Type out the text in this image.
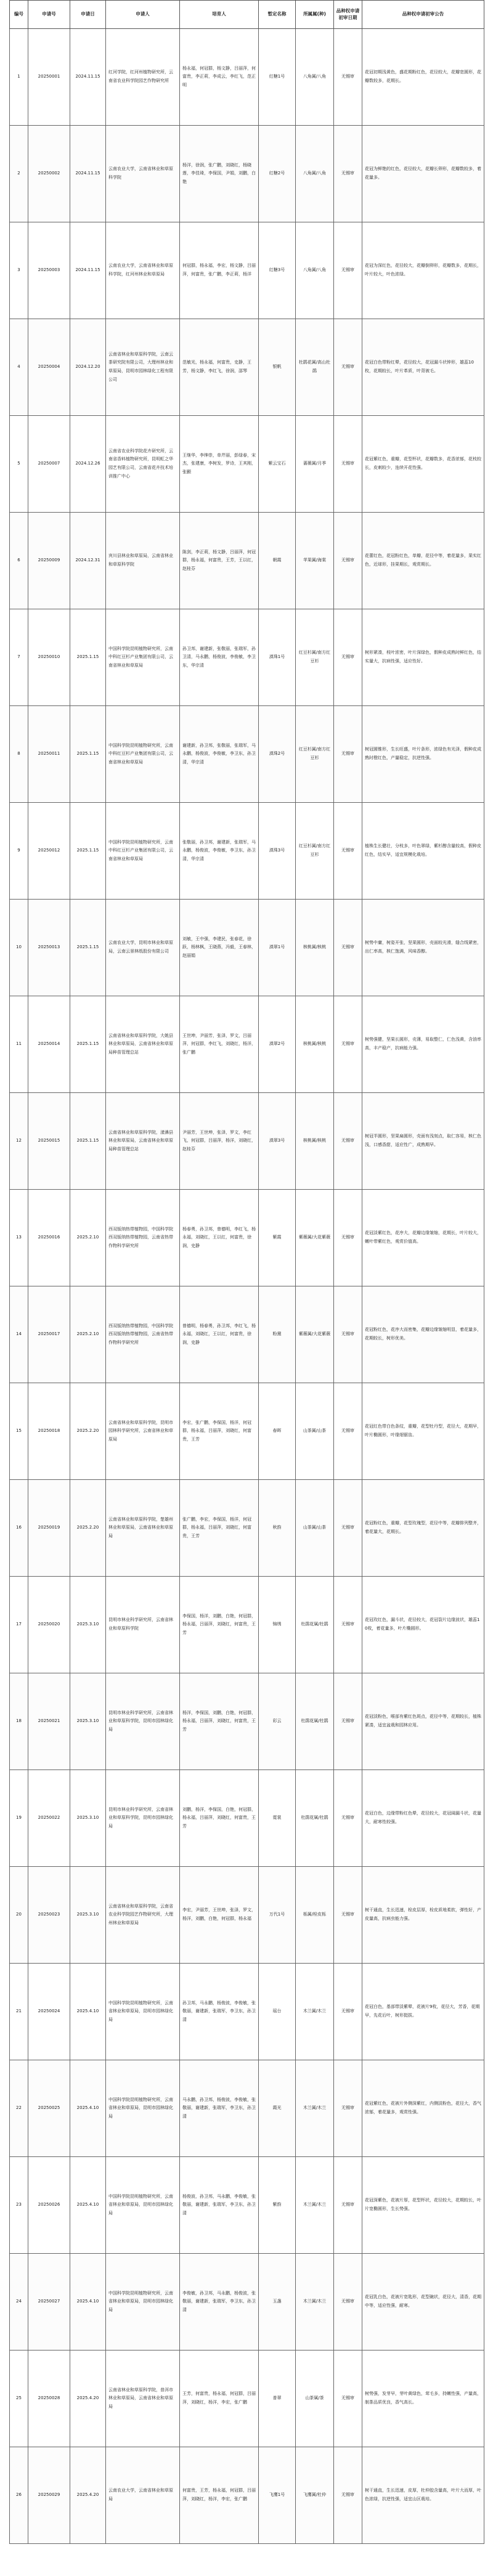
编号	申请号	申请日	申请人	培育人	暂定名称	所属属(种)	品种权申请初审日期	品种权申请初审公告
1	20250001	2024.11.15	红河学院，红河州植物研究所，云南省农业科学院园艺作物研究所	杨永福，何冠群，杨文静，吕丽萍，何富贵，李正莉，李成云，李红飞，范正明	红糖1号	八角属/八角	无锡审	花冠初期浅黄色，盛花期粉红色，花径较大，花瓣宽圆形，花瓣数较多，花期长。
2	20250002	2024.11.15	云南农业大学，云南省林业和草原科学院	杨洋，徐润，张广鹏，刘晓红，杨晓莲，李佳琦，李保国，尹娟，刘鹏，白艳	红糖2号	八角属/八角	无锡审	花冠为鲜艳的红色，花径较大，花瓣长卵形，花瓣数较多，着花量多。
3	20250003	2024.11.15	云南农业大学，云南省林业和草原科学院，红河州林业和草原局	何冠群，杨永福，李宏，杨文静，吕丽萍，何富贵，张广鹏，李正莉，杨洋	红糖3号	八角属/八角	无锡审	花冠为深红色，花径较大，花瓣倒卵形，花瓣数多，花期长，叶片较大，叶色浓绿。
4	20250004	2024.12.20	云南省林业和草原科学院，云南云茶研究院有限公司，大理州林业和草原局，昆明市园林绿化工程有限公司	范敏光，杨永福，何富贵，史静，王芳，杨文静，李红飞，徐润，邵琴	银帆	杜鹃花属/高山杜鹃	无锡审	花冠白色带粉红晕，花径较大，花冠漏斗状钟形，雄蕊10枚，花期较长，叶片革质，叶背被毛。
5	20250007	2024.12.26	云南省农业科学院花卉研究所，云南省香料植物研究所，昆明虹之华园艺有限公司，云南省花卉技术培训推广中心	王继华，李绅崇，单芹丽，彭绿春，宋杰，张建康，李树发，罗诗，王其刚，张颢	紫云宝石	蔷薇属/月季	无锡审	花冠紫红色，重瓣，花型杯状，花瓣数多，花香浓郁，花枝较长，皮刺较少，连续开花性强。
6	20250009	2024.12.31	宾川县林业和草原局，云南省林业和草原科学院	陈剑，李正莉，杨文静，吕丽萍，何冠群，杨永福，何富贵，王芳，王以红，赵桂芬	朝霞	苹果属/海棠	无锡审	花蕾红色，花冠粉红色，单瓣，花径中等，着花量多，果实红色，近球形，挂果期长，观赏期长。
7	20250010	2025.1.15	中国科学院昆明植物研究所，云南中科红豆杉产业集团有限公司，云南省林业和草原局	孙卫邦，谢建新，张敬丽，张瑞军，孙卫清，马永鹏，杨俊波，李俊敏，李卫东，华宗清	滇珠1号	红豆杉属/南方红豆杉	无锡审	树形紧凑，枝叶浓密，叶片深绿色，假种皮成熟时鲜红色，结实量大，抗病性强，适应性好。
8	20250011	2025.1.15	中国科学院昆明植物研究所，云南中科红豆杉产业集团有限公司，云南省林业和草原局	谢建新，孙卫邦，张敬丽，张瑞军，马永鹏，杨俊波，李俊敏，李卫东，孙卫清，华宗清	滇珠2号	红豆杉属/南方红豆杉	无锡审	树冠圆锥形，生长旺盛，叶片条形，浓绿色有光泽，假种皮成熟时橙红色，产量稳定，抗逆性强。
9	20250012	2025.1.15	中国科学院昆明植物研究所，云南中科红豆杉产业集团有限公司，云南省林业和草原局	张敬丽，孙卫邦，谢建新，张瑞军，马永鹏，杨俊波，李俊敏，李卫东，孙卫清，华宗清	滇珠3号	红豆杉属/南方红豆杉	无锡审	植株生长健壮，分枝多，叶色翠绿，紫杉醇含量较高，假种皮红色，结实早，适宜规模化栽培。
10	20250013	2025.1.15	云南农业大学，昆明市林业和草原局，云南云景林纸股份有限公司	刘敏，王中强，李建民，张春花，徐跃，杨林枫，王晓燕，冯毅，王春林，赵丽娟	滇翠1号	核桃属/核桃	无锡审	树势中庸，树姿开张，坚果圆形，壳面较光滑，缝合线紧密，出仁率高，核仁饱满，风味香醇。
11	20250014	2025.1.15	云南省林业和草原科学院，大姚县林业和草原局，云南省林业和草原局种苗管理总站	王世坤，尹丽芳，张泽，罗文，吕丽萍，何冠群，李红飞，刘晓红，杨洋，张广鹏	滇翠2号	核桃属/核桃	无锡审	树势强健，坚果长圆形，壳薄，易取整仁，仁色浅黄，含油率高，丰产稳产，抗病能力强。
12	20250015	2025.1.15	云南省林业和草原科学院，漾濞县林业和草原局，云南省林业和草原局种苗管理总站	尹丽芳，王世坤，张泽，罗文，李红飞，何冠群，吕丽萍，杨洋，刘晓红，赵桂芬	滇翠3号	核桃属/核桃	无锡审	树冠半圆形，坚果扁圆形，壳面有浅刻点，取仁容易，核仁色浅，口感香甜，适应性广，成熟期早。
13	20250016	2025.2.10	西双版纳热带植物园，中国科学院西双版纳热带植物园，云南省热带作物科学研究所	杨春勇，孙卫邦，曾德明，李红飞，杨永福，刘晓红，王以红，何富贵，徐润，史静	紫霞	紫薇属/大花紫薇	无锡审	花冠淡紫红色，花序大，花瓣边缘皱缩，花期长，叶片较大，嫩叶带紫红色，观赏价值高。
14	20250017	2025.2.10	西双版纳热带植物园，中国科学院西双版纳热带植物园，云南省热带作物科学研究所	曾德明，杨春勇，孙卫邦，李红飞，杨永福，刘晓红，王以红，何富贵，徐润，史静	粉黛	紫薇属/大花紫薇	无锡审	花冠粉红色，花序大而密集，花瓣边缘皱缩明显，着花量多，花期较长，树形优美。
15	20250018	2025.2.20	云南省林业和草原科学院，昆明市园林科学研究所，云南省林业和草原局	李宏，张广鹏，李保国，杨洋，何冠群，杨永福，吕丽萍，刘晓红，何富贵，王芳	春晖	山茶属/山茶	无锡审	花冠红色带白色条纹，重瓣，花型牡丹型，花径大，花期早，叶片椭圆形，叶缘细锯齿。
16	20250019	2025.2.20	云南省林业和草原科学院，楚雄州林业和草原局，云南省林业和草原局	张广鹏，李宏，李保国，杨洋，何冠群，杨永福，吕丽萍，刘晓红，何富贵，王芳	秋韵	山茶属/山茶	无锡审	花冠粉红色，重瓣，花型玫瑰型，花径中等，花瓣排列整齐，着花量大，花期长。
17	20250020	2025.3.10	昆明市林业科学研究所，云南省林业和草原科学院	李保国，杨洋，刘鹏，白艳，何冠群，杨永福，吕丽萍，刘晓红，何富贵，王芳	锦绣	杜鹃花属/杜鹃	无锡审	花冠玫红色，漏斗状，花径较大，花冠裂片边缘波状，雄蕊10枚，着花量多，叶片椭圆形。
18	20250021	2025.3.10	昆明市林业科学研究所，云南省林业和草原科学院，昆明市园林绿化局	杨洋，李保国，刘鹏，白艳，何冠群，杨永福，吕丽萍，刘晓红，何富贵，王芳	彩云	杜鹃花属/杜鹃	无锡审	花冠淡粉色，喉部有紫红色斑点，花径中等，花期较长，植株紧凑，适宜盆栽和园林应用。
19	20250022	2025.3.10	昆明市林业科学研究所，云南省林业和草原科学院，昆明市园林绿化局	刘鹏，杨洋，李保国，白艳，何冠群，杨永福，吕丽萍，刘晓红，何富贵，王芳	霓裳	杜鹃花属/杜鹃	无锡审	花冠白色，边缘带粉红色晕，花径较大，花冠阔漏斗状，花量大，耐寒性较强。
20	20250023	2025.3.10	云南省林业和草原科学院，云南省农业科学院园艺作物研究所，大理州林业和草原局	李宏，尹丽芳，王世坤，张泽，罗文，杨洋，刘鹏，白艳，何冠群，杨永福	万代1号	栎属/栓皮栎	无锡审	树干通直，生长迅速，栓皮层厚，栓皮质地柔软，弹性好，产皮量高，抗病虫能力强。
21	20250024	2025.4.10	中国科学院昆明植物研究所，云南省林业和草原局，昆明市园林绿化局	孙卫邦，马永鹏，杨俊波，李俊敏，张敬丽，谢建新，张瑞军，李卫东，孙卫清	瑶台	木兰属/木兰	无锡审	花冠白色，基部带淡紫晕，花被片9枚，花径大，芳香，花期早，先花后叶，树形挺拔。
22	20250025	2025.4.10	中国科学院昆明植物研究所，云南省林业和草原局，昆明市园林绿化局	马永鹏，孙卫邦，杨俊波，李俊敏，张敬丽，谢建新，张瑞军，李卫东，孙卫清	霞光	木兰属/木兰	无锡审	花冠紫红色，花被片外侧深紫红，内侧淡粉色，花径大，香气浓郁，着花量多，观赏性强。
23	20250026	2025.4.10	中国科学院昆明植物研究所，云南省林业和草原局，昆明市园林绿化局	杨俊波，孙卫邦，马永鹏，李俊敏，张敬丽，谢建新，张瑞军，李卫东，孙卫清	紫韵	木兰属/木兰	无锡审	花冠深紫色，花被片厚，花型杯状，花径较大，花期较长，叶片宽椭圆形，生长势强。
24	20250027	2025.4.10	中国科学院昆明植物研究所，云南省林业和草原局，昆明市园林绿化局	李俊敏，孙卫邦，马永鹏，杨俊波，张敬丽，谢建新，张瑞军，李卫东，孙卫清	玉盏	木兰属/木兰	无锡审	花冠乳白色，花被片宽匙形，花型碗状，花径大，清香，花期中等，适应性强，耐寒。
25	20250028	2025.4.20	云南省林业和草原科学院，普洱市林业和草原局，云南省林业和草原局	王芳，何富贵，杨永福，何冠群，吕丽萍，刘晓红，杨洋，李宏，张广鹏	普翠	山茶属/茶	无锡审	树势强，发芽早，芽叶黄绿色，茸毛多，持嫩性强，产量高，制茶品质优良，香气高长。
26	20250029	2025.4.20	云南农业大学，云南省林业和草原局	何富贵，王芳，杨永福，何冠群，吕丽萍，刘晓红，杨洋，李宏，张广鹏	飞鹰1号	飞鹰属/杜仲	无锡审	树干通直，生长迅速，皮厚，杜仲胶含量高，叶片大而厚，叶色浓绿，抗逆性强，适宜山区栽培。
